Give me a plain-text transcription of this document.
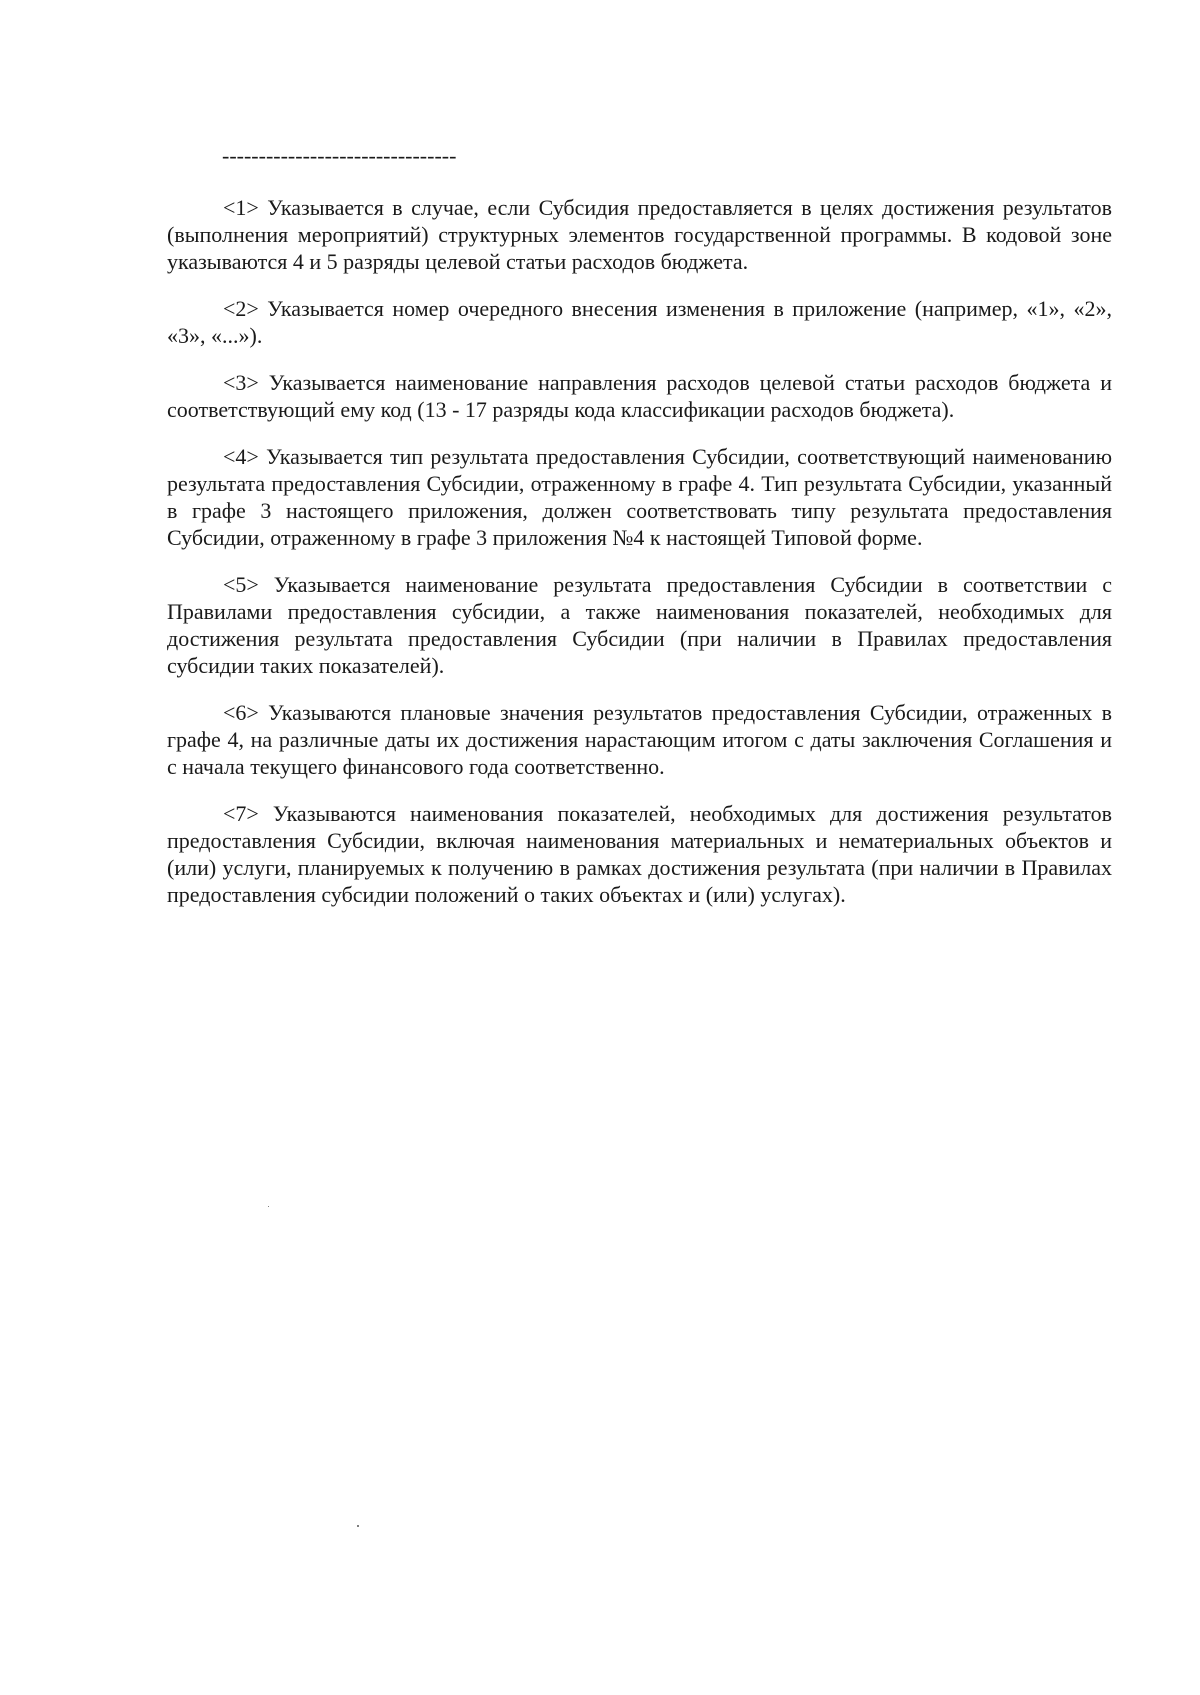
--------------------------------

<1> Указывается в случае, если Субсидия предоставляется в целях достижения результатов (выполнения мероприятий) структурных элементов государственной программы. В кодовой зоне указываются 4 и 5 разряды целевой статьи расходов бюджета.

<2> Указывается номер очередного внесения изменения в приложение (например, «1», «2», «3», «...»).

<3> Указывается наименование направления расходов целевой статьи расходов бюджета и соответствующий ему код (13 - 17 разряды кода классификации расходов бюджета).

<4> Указывается тип результата предоставления Субсидии, соответствующий наименованию результата предоставления Субсидии, отраженному в графе 4. Тип результата Субсидии, указанный в графе 3 настоящего приложения, должен соответствовать типу результата предоставления Субсидии, отраженному в графе 3 приложения №4 к настоящей Типовой форме.

<5> Указывается наименование результата предоставления Субсидии в соответствии с Правилами предоставления субсидии, а также наименования показателей, необходимых для достижения результата предоставления Субсидии (при наличии в Правилах предоставления субсидии таких показателей).

<6> Указываются плановые значения результатов предоставления Субсидии, отраженных в графе 4, на различные даты их достижения нарастающим итогом с даты заключения Соглашения и с начала текущего финансового года соответственно.

<7> Указываются наименования показателей, необходимых для достижения результатов предоставления Субсидии, включая наименования материальных и нематериальных объектов и (или) услуги, планируемых к получению в рамках достижения результата (при наличии в Правилах предоставления субсидии положений о таких объектах и (или) услугах).
